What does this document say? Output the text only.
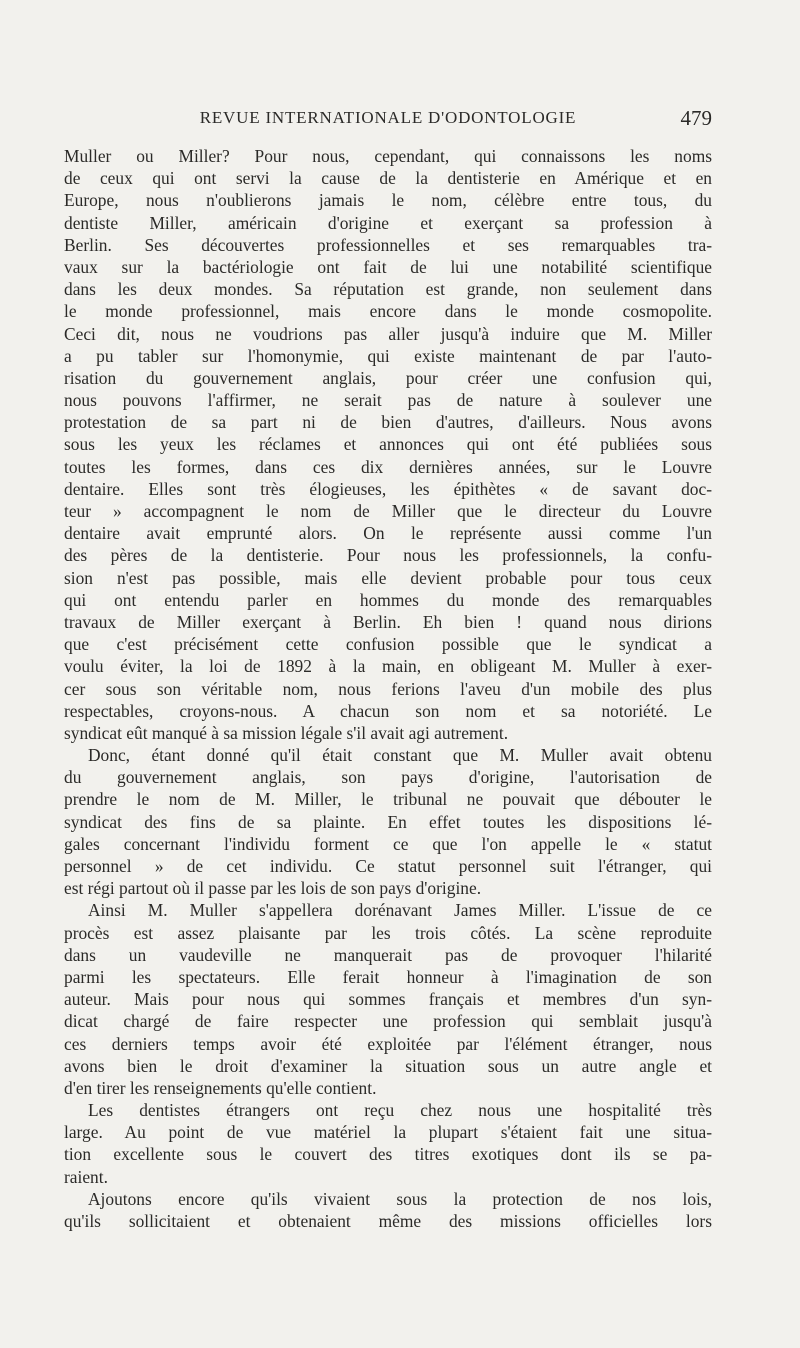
REVUE INTERNATIONALE D'ODONTOLOGIE	479
Muller ou Miller? Pour nous, cependant, qui connaissons les noms
de ceux qui ont servi la cause de la dentisterie en Amérique et en
Europe, nous n'oublierons jamais le nom, célèbre entre tous, du
dentiste Miller, américain d'origine et exerçant sa profession à
Berlin. Ses découvertes professionnelles et ses remarquables tra-
vaux sur la bactériologie ont fait de lui une notabilité scientifique
dans les deux mondes. Sa réputation est grande, non seulement dans
le monde professionnel, mais encore dans le monde cosmopolite.
Ceci dit, nous ne voudrions pas aller jusqu'à induire que M. Miller
a pu tabler sur l'homonymie, qui existe maintenant de par l'auto-
risation du gouvernement anglais, pour créer une confusion qui,
nous pouvons l'affirmer, ne serait pas de nature à soulever une
protestation de sa part ni de bien d'autres, d'ailleurs. Nous avons
sous les yeux les réclames et annonces qui ont été publiées sous
toutes les formes, dans ces dix dernières années, sur le Louvre
dentaire. Elles sont très élogieuses, les épithètes « de savant doc-
teur » accompagnent le nom de Miller que le directeur du Louvre
dentaire avait emprunté alors. On le représente aussi comme l'un
des pères de la dentisterie. Pour nous les professionnels, la confu-
sion n'est pas possible, mais elle devient probable pour tous ceux
qui ont entendu parler en hommes du monde des remarquables
travaux de Miller exerçant à Berlin. Eh bien ! quand nous dirions
que c'est précisément cette confusion possible que le syndicat a
voulu éviter, la loi de 1892 à la main, en obligeant M. Muller à exer-
cer sous son véritable nom, nous ferions l'aveu d'un mobile des plus
respectables, croyons-nous. A chacun son nom et sa notoriété. Le
syndicat eût manqué à sa mission légale s'il avait agi autrement.
Donc, étant donné qu'il était constant que M. Muller avait obtenu
du gouvernement anglais, son pays d'origine, l'autorisation de
prendre le nom de M. Miller, le tribunal ne pouvait que débouter le
syndicat des fins de sa plainte. En effet toutes les dispositions lé-
gales concernant l'individu forment ce que l'on appelle le « statut
personnel » de cet individu. Ce statut personnel suit l'étranger, qui
est régi partout où il passe par les lois de son pays d'origine.
Ainsi M. Muller s'appellera dorénavant James Miller. L'issue de ce
procès est assez plaisante par les trois côtés. La scène reproduite
dans un vaudeville ne manquerait pas de provoquer l'hilarité
parmi les spectateurs. Elle ferait honneur à l'imagination de son
auteur. Mais pour nous qui sommes français et membres d'un syn-
dicat chargé de faire respecter une profession qui semblait jusqu'à
ces derniers temps avoir été exploitée par l'élément étranger, nous
avons bien le droit d'examiner la situation sous un autre angle et
d'en tirer les renseignements qu'elle contient.
Les dentistes étrangers ont reçu chez nous une hospitalité très
large. Au point de vue matériel la plupart s'étaient fait une situa-
tion excellente sous le couvert des titres exotiques dont ils se pa-
raient.
Ajoutons encore qu'ils vivaient sous la protection de nos lois,
qu'ils sollicitaient et obtenaient même des missions officielles lors
